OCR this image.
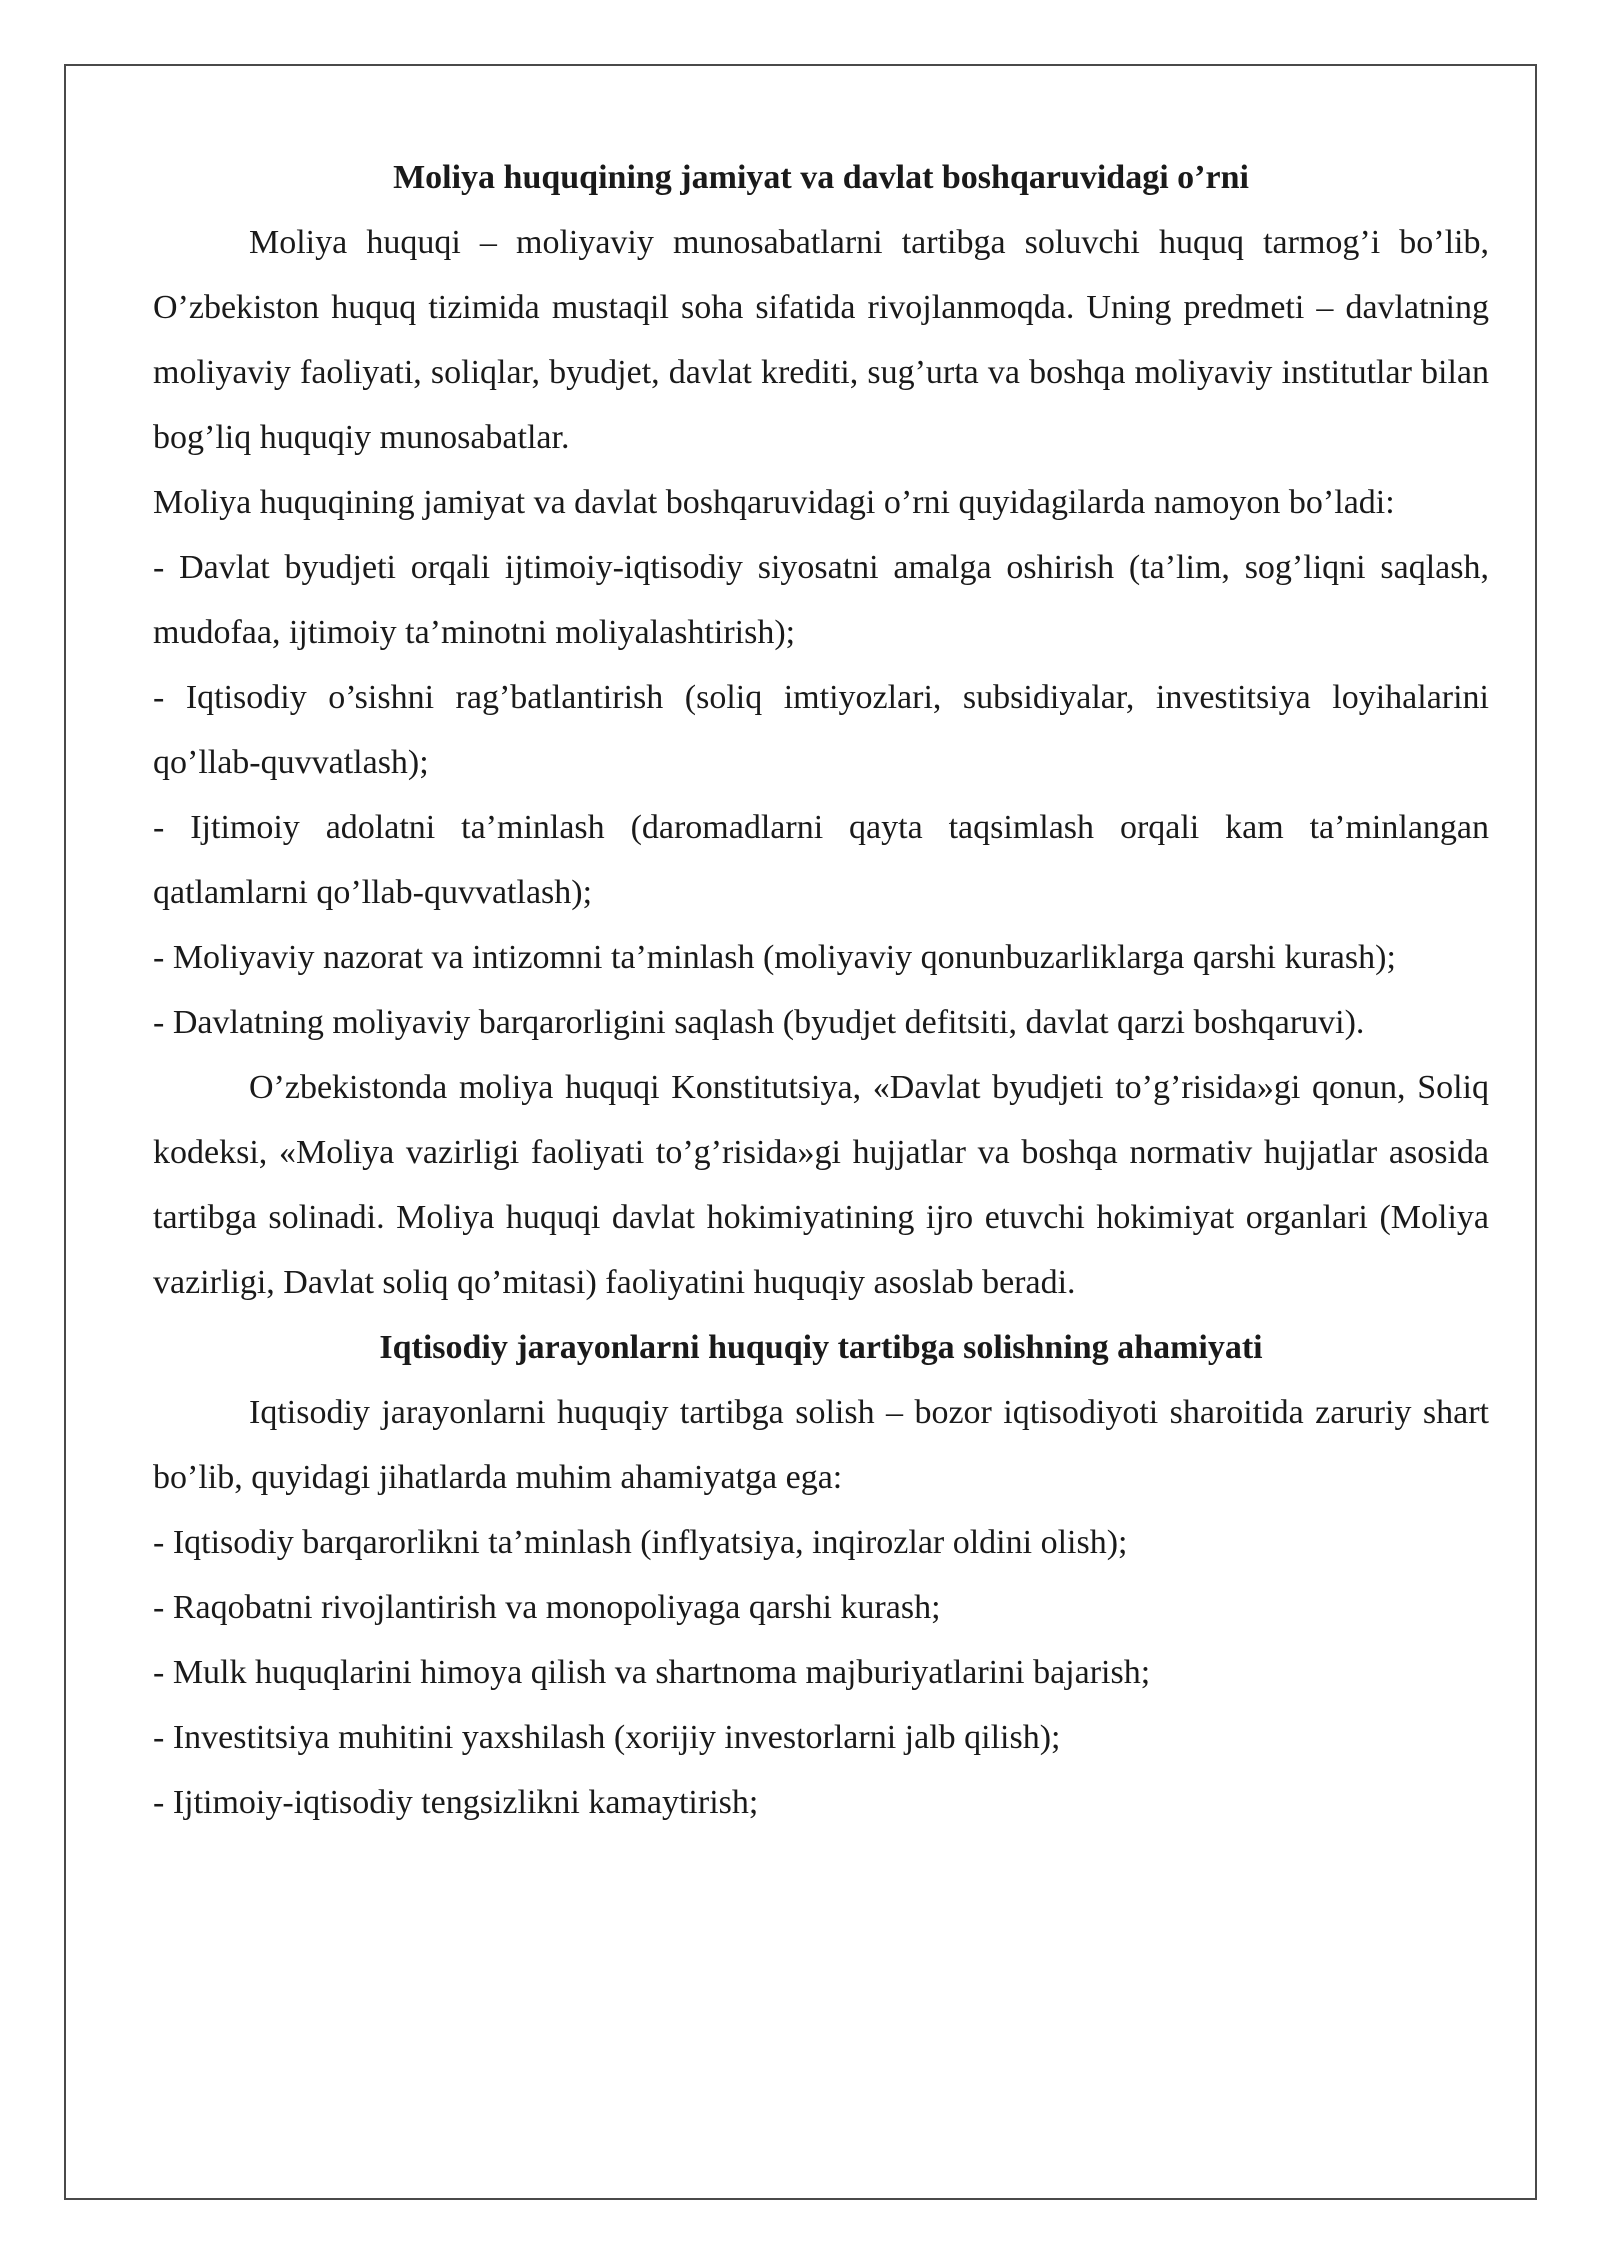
Moliya huquqining jamiyat va davlat boshqaruvidagi o’rni

Moliya huquqi – moliyaviy munosabatlarni tartibga soluvchi huquq tarmog’i bo’lib, O’zbekiston huquq tizimida mustaqil soha sifatida rivojlanmoqda. Uning predmeti – davlatning moliyaviy faoliyati, soliqlar, byudjet, davlat krediti, sug’urta va boshqa moliyaviy institutlar bilan bog’liq huquqiy munosabatlar.

Moliya huquqining jamiyat va davlat boshqaruvidagi o’rni quyidagilarda namoyon bo’ladi:

- Davlat byudjeti orqali ijtimoiy-iqtisodiy siyosatni amalga oshirish (ta’lim, sog’liqni saqlash, mudofaa, ijtimoiy ta’minotni moliyalashtirish);

- Iqtisodiy o’sishni rag’batlantirish (soliq imtiyozlari, subsidiyalar, investitsiya loyihalarini qo’llab-quvvatlash);

- Ijtimoiy adolatni ta’minlash (daromadlarni qayta taqsimlash orqali kam ta’minlangan qatlamlarni qo’llab-quvvatlash);

- Moliyaviy nazorat va intizomni ta’minlash (moliyaviy qonunbuzarliklarga qarshi kurash);

- Davlatning moliyaviy barqarorligini saqlash (byudjet defitsiti, davlat qarzi boshqaruvi).

O’zbekistonda moliya huquqi Konstitutsiya, «Davlat byudjeti to’g’risida»gi qonun, Soliq kodeksi, «Moliya vazirligi faoliyati to’g’risida»gi hujjatlar va boshqa normativ hujjatlar asosida tartibga solinadi. Moliya huquqi davlat hokimiyatining ijro etuvchi hokimiyat organlari (Moliya vazirligi, Davlat soliq qo’mitasi) faoliyatini huquqiy asoslab beradi.

Iqtisodiy jarayonlarni huquqiy tartibga solishning ahamiyati

Iqtisodiy jarayonlarni huquqiy tartibga solish – bozor iqtisodiyoti sharoitida zaruriy shart bo’lib, quyidagi jihatlarda muhim ahamiyatga ega:

- Iqtisodiy barqarorlikni ta’minlash (inflyatsiya, inqirozlar oldini olish);

- Raqobatni rivojlantirish va monopoliyaga qarshi kurash;

- Mulk huquqlarini himoya qilish va shartnoma majburiyatlarini bajarish;

- Investitsiya muhitini yaxshilash (xorijiy investorlarni jalb qilish);

- Ijtimoiy-iqtisodiy tengsizlikni kamaytirish;
